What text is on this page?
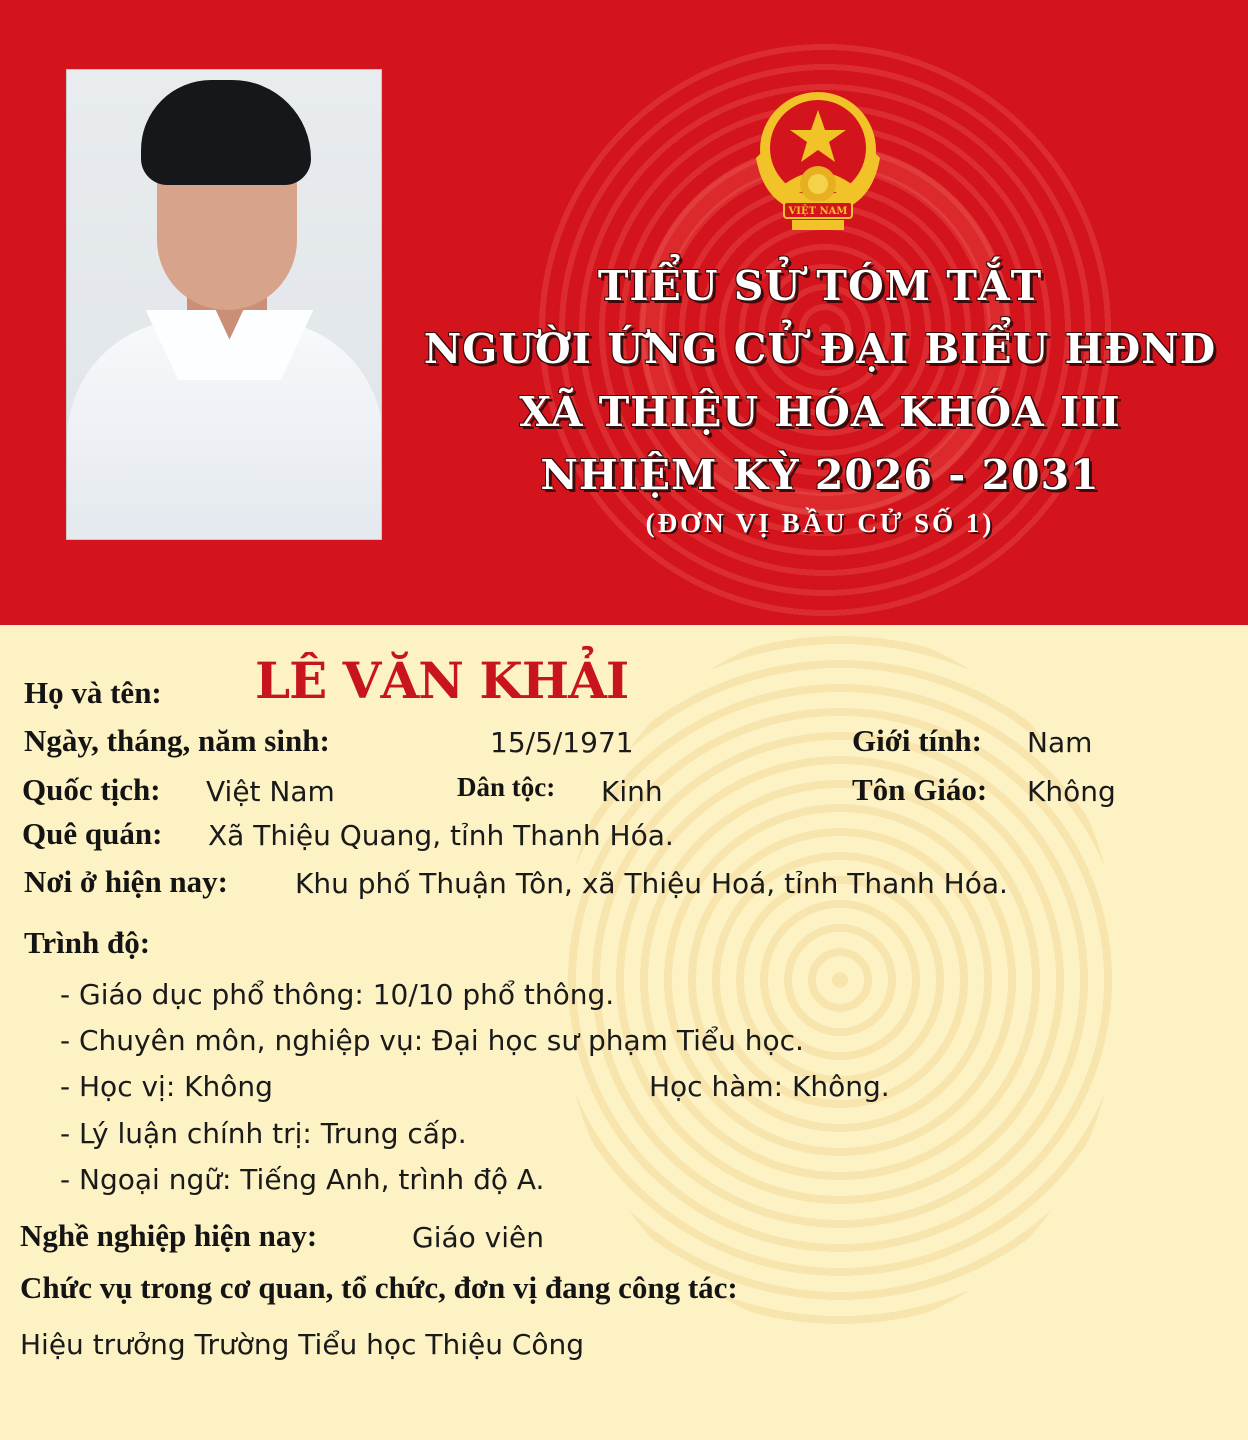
VIỆT NAM
TIỂU SỬ TÓM TẮT
NGƯỜI ỨNG CỬ ĐẠI BIỂU HĐND
XÃ THIỆU HÓA KHÓA III
NHIỆM KỲ 2026 - 2031
(ĐƠN VỊ BẦU CỬ SỐ 1)
Họ và tên: LÊ VĂN KHẢI
Ngày, tháng, năm sinh:	15/5/1971	Giới tính: Nam
Quốc tịch: Việt Nam	Dân tộc: Kinh	Tôn Giáo: Không
Quê quán: Xã Thiệu Quang, tỉnh Thanh Hóa.
Nơi ở hiện nay: Khu phố Thuận Tôn, xã Thiệu Hoá, tỉnh Thanh Hóa.
Trình độ:
- Giáo dục phổ thông: 10/10 phổ thông.
- Chuyên môn, nghiệp vụ: Đại học sư phạm Tiểu học.
- Học vị: Không	Học hàm: Không.
- Lý luận chính trị: Trung cấp.
- Ngoại ngữ: Tiếng Anh, trình độ A.
Nghề nghiệp hiện nay:	Giáo viên
Chức vụ trong cơ quan, tổ chức, đơn vị đang công tác:
Hiệu trưởng Trường Tiểu học Thiệu Công
